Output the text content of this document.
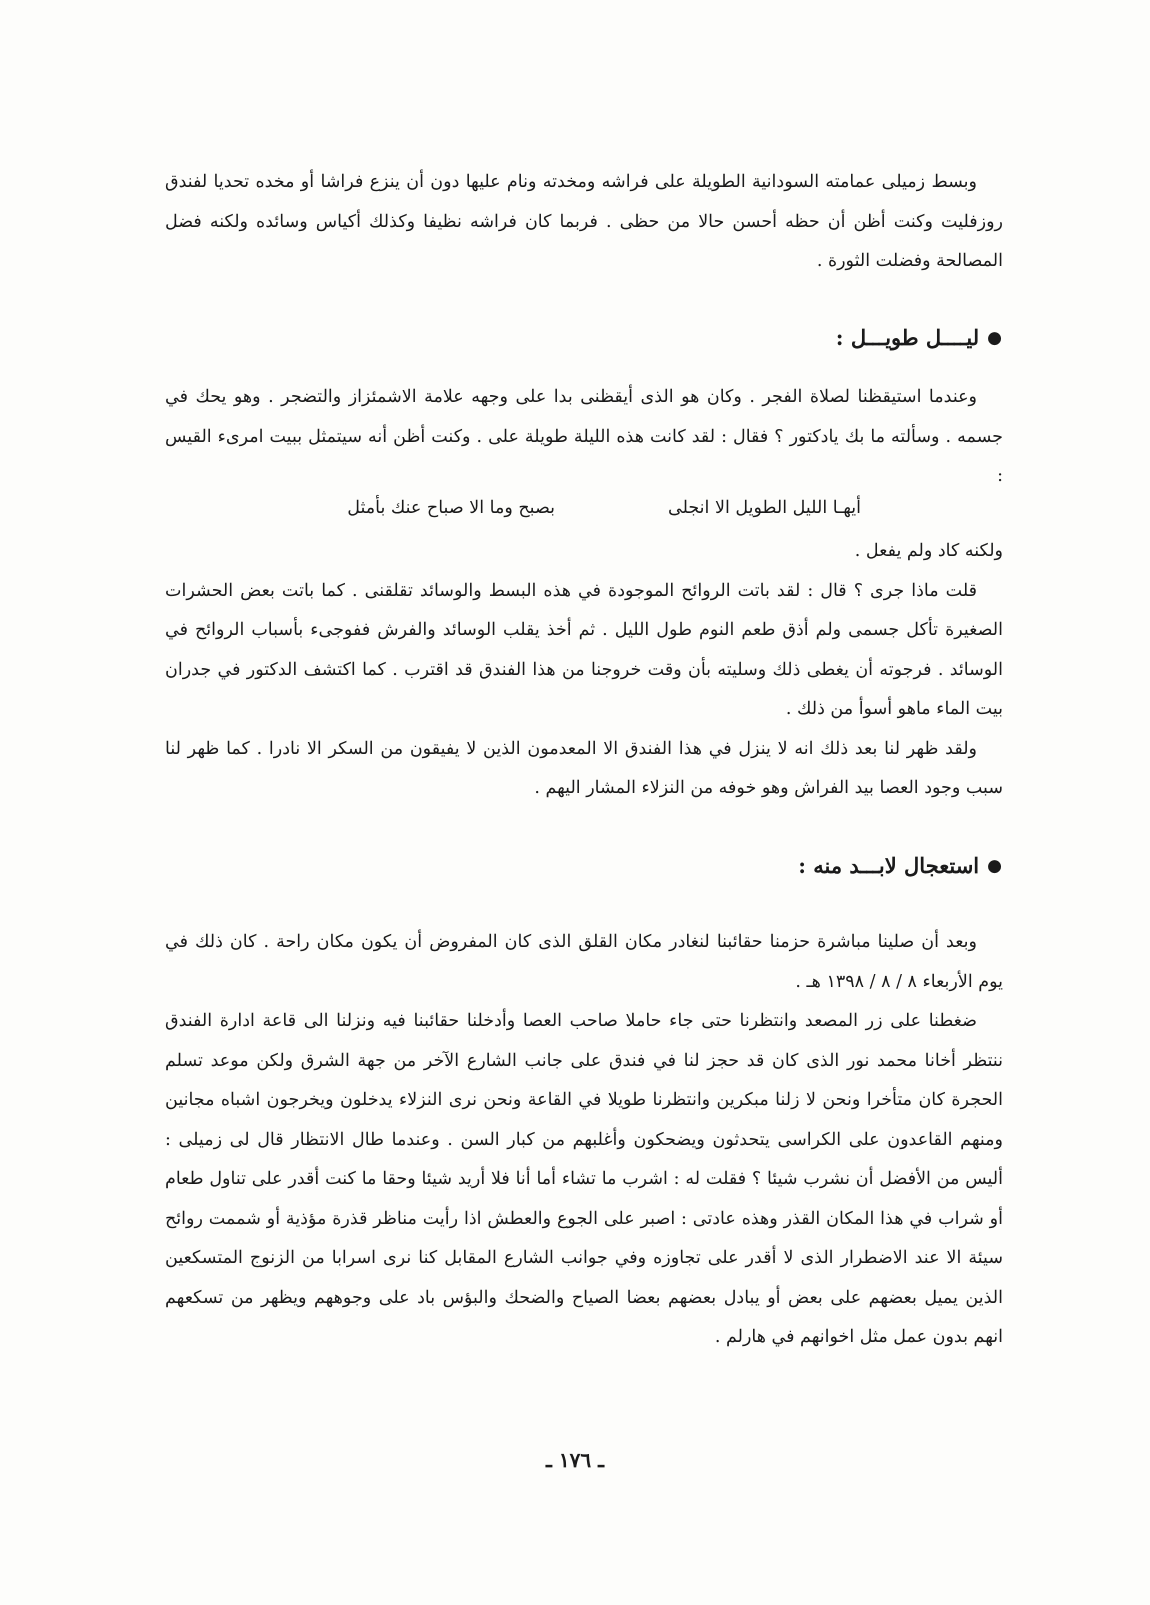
وبسط زميلى عمامته السودانية الطويلة على فراشه ومخدته ونام عليها دون أن ينزع فراشا أو مخده تحديا لفندق روزفليت وكنت أظن أن حظه أحسن حالا من حظى . فربما كان فراشه نظيفا وكذلك أكياس وسائده ولكنه فضل المصالحة وفضلت الثورة .

●
ليــــل طويـــل :

وعندما استيقظنا لصلاة الفجر . وكان هو الذى أيقظنى بدا على وجهه علامة الاشمئزاز والتضجر . وهو يحك في جسمه . وسألته ما بك يادكتور ؟ فقال : لقد كانت هذه الليلة طويلة على . وكنت أظن أنه سيتمثل ببيت امرىء القيس :

أيهـا الليل الطويل الا انجلى
بصبح وما الا صباح عنك بأمثل

ولكنه كاد ولم يفعل .

قلت ماذا جرى ؟ قال : لقد باتت الروائح الموجودة في هذه البسط والوسائد تقلقنى . كما باتت بعض الحشرات الصغيرة تأكل جسمى ولم أذق طعم النوم طول الليل . ثم أخذ يقلب الوسائد والفرش ففوجىء بأسباب الروائح في الوسائد . فرجوته أن يغطى ذلك وسليته بأن وقت خروجنا من هذا الفندق قد اقترب . كما اكتشف الدكتور في جدران بيت الماء ماهو أسوأ من ذلك .

ولقد ظهر لنا بعد ذلك انه لا ينزل في هذا الفندق الا المعدمون الذين لا يفيقون من السكر الا نادرا . كما ظهر لنا سبب وجود العصا بيد الفراش وهو خوفه من النزلاء المشار اليهم .

●
استعجال لابـــد منه :

وبعد أن صلينا مباشرة حزمنا حقائبنا لنغادر مكان القلق الذى كان المفروض أن يكون مكان راحة . كان ذلك في يوم الأربعاء ٨ / ٨ / ١٣٩٨ هـ .

ضغطنا على زر المصعد وانتظرنا حتى جاء حاملا صاحب العصا وأدخلنا حقائبنا فيه ونزلنا الى قاعة ادارة الفندق ننتظر أخانا محمد نور الذى كان قد حجز لنا في فندق على جانب الشارع الآخر من جهة الشرق ولكن موعد تسلم الحجرة كان متأخرا ونحن لا زلنا مبكرين وانتظرنا طويلا في القاعة ونحن نرى النزلاء يدخلون ويخرجون اشباه مجانين ومنهم القاعدون على الكراسى يتحدثون ويضحكون وأغلبهم من كبار السن . وعندما طال الانتظار قال لى زميلى : أليس من الأفضل أن نشرب شيئا ؟ فقلت له : اشرب ما تشاء أما أنا فلا أريد شيئا وحقا ما كنت أقدر على تناول طعام أو شراب في هذا المكان القذر وهذه عادتى : اصبر على الجوع والعطش اذا رأيت مناظر قذرة مؤذية أو شممت روائح سيئة الا عند الاضطرار الذى لا أقدر على تجاوزه وفي جوانب الشارع المقابل كنا نرى اسرابا من الزنوج المتسكعين الذين يميل بعضهم على بعض أو يبادل بعضهم بعضا الصياح والضحك والبؤس باد على وجوههم ويظهر من تسكعهم انهم بدون عمل مثل اخوانهم في هارلم .

ـ ١٧٦ ـ
